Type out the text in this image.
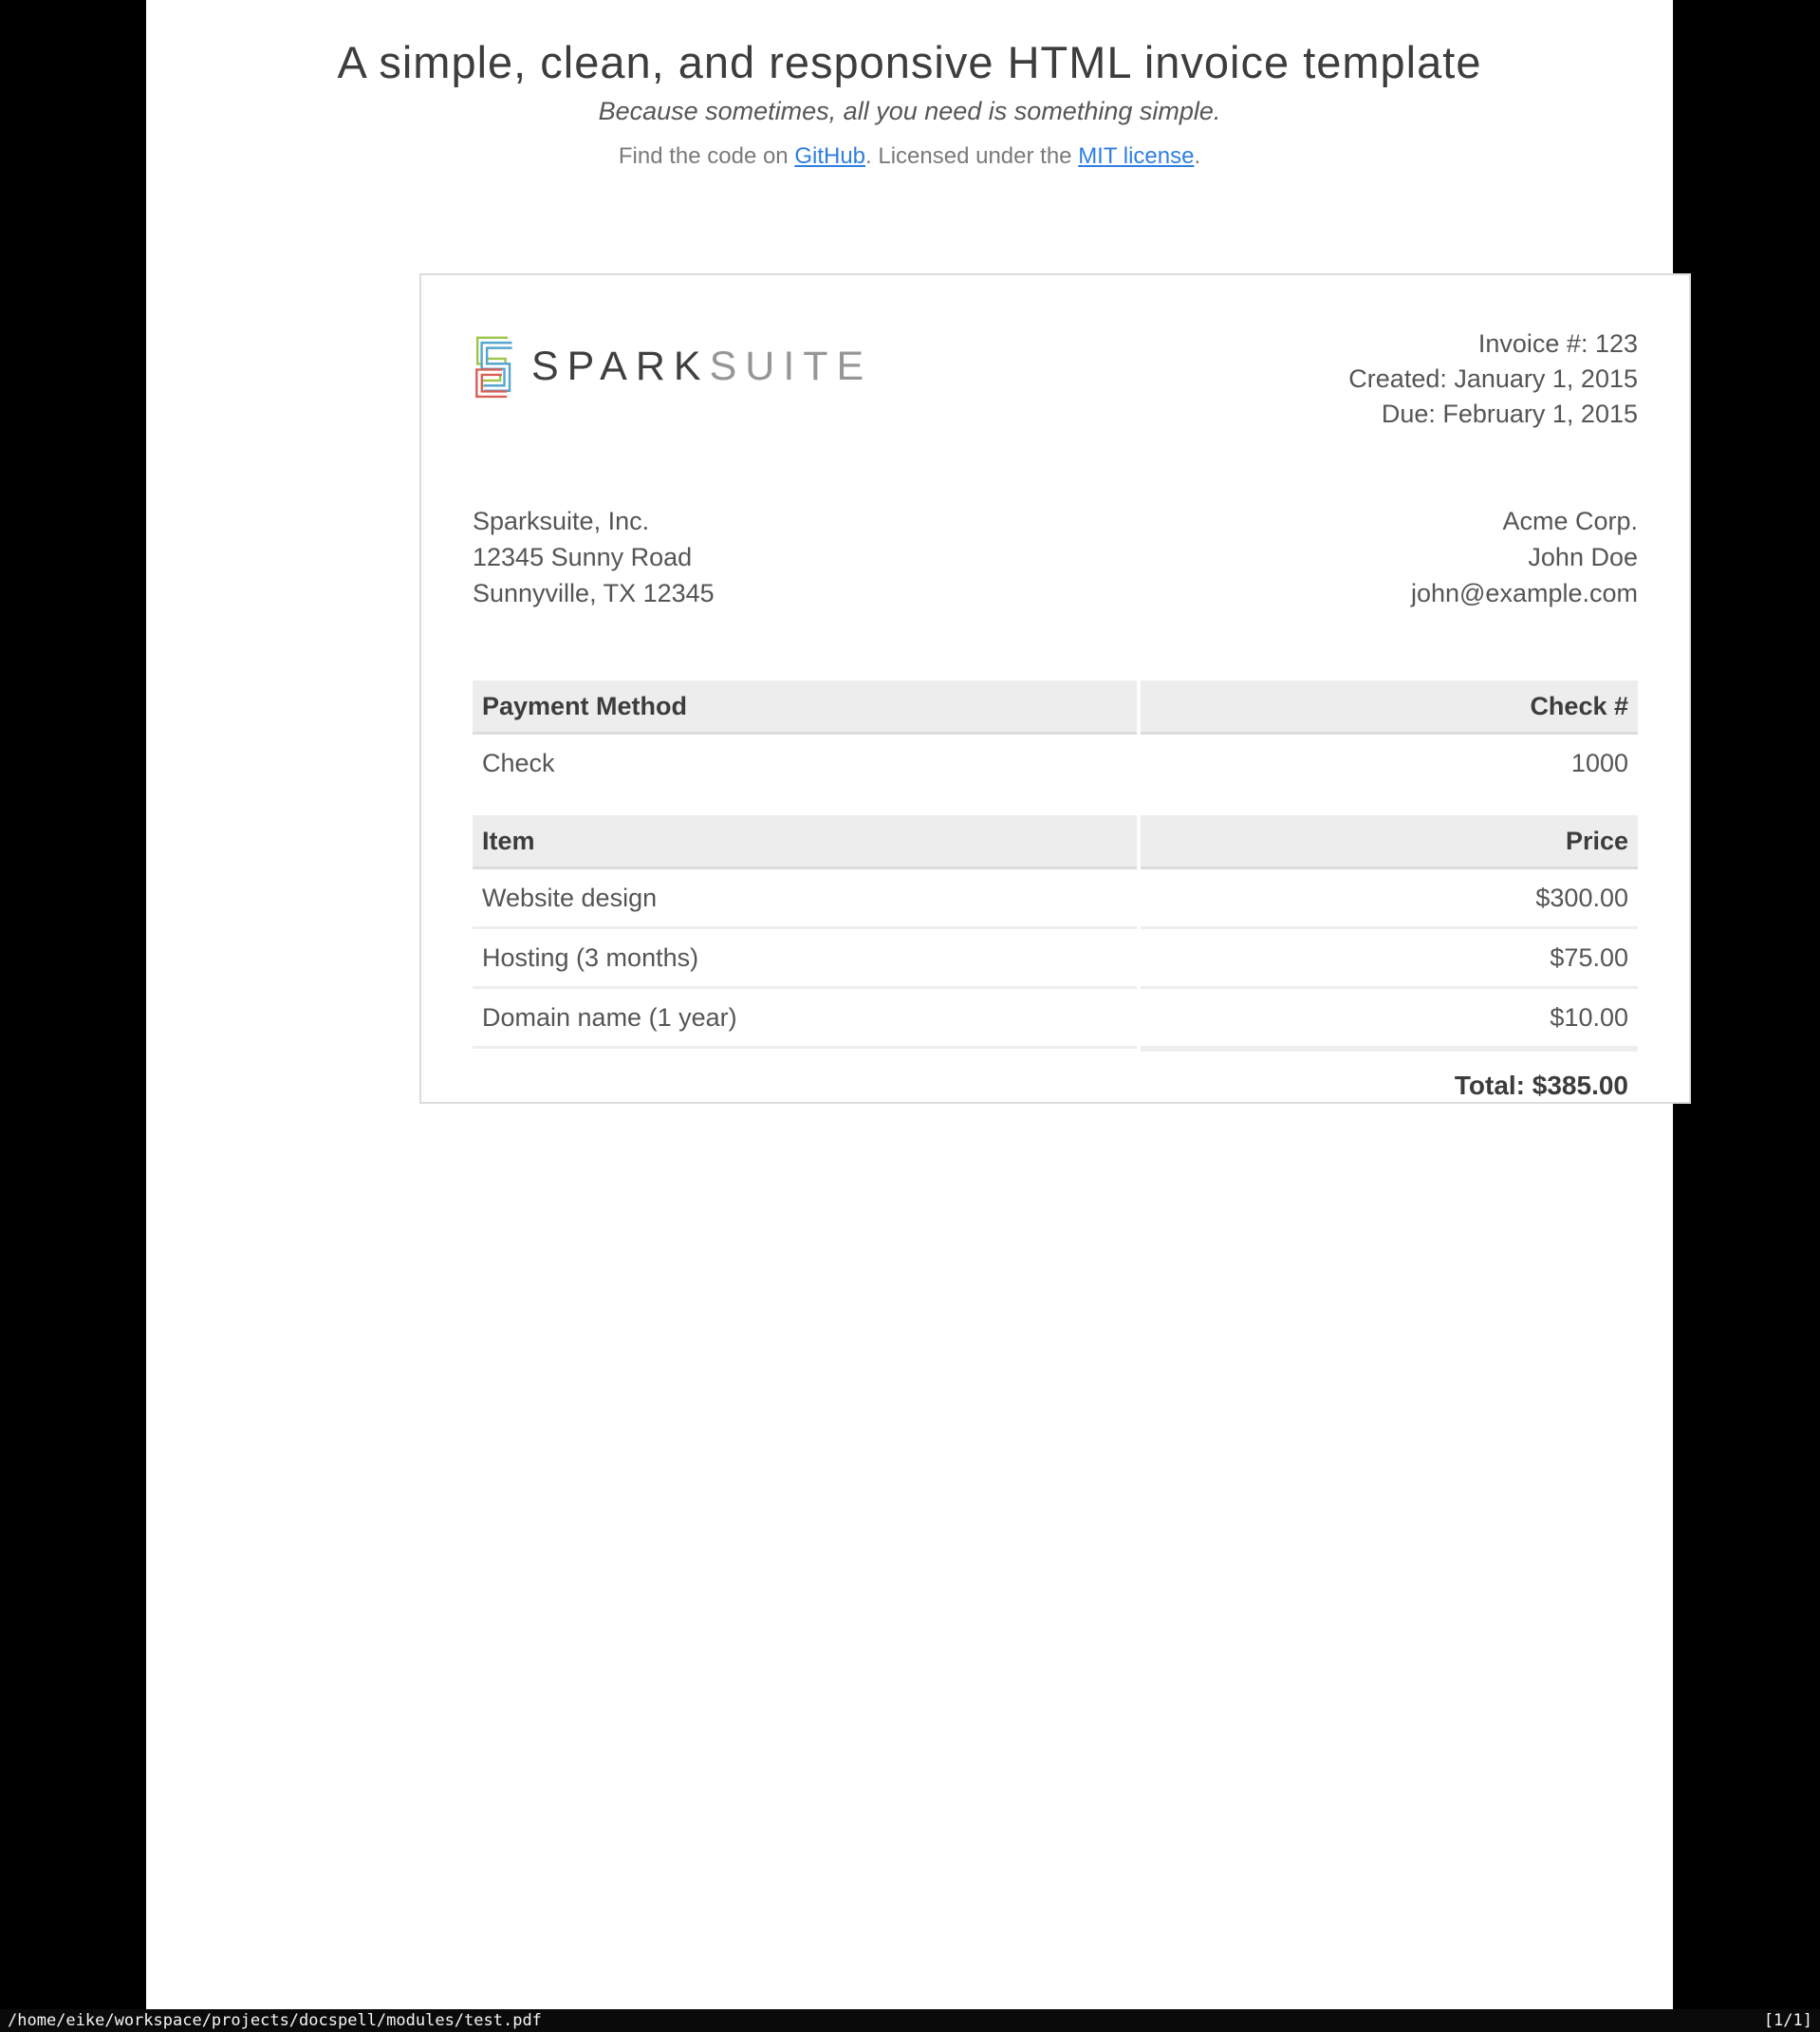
A simple, clean, and responsive HTML invoice template

Because sometimes, all you need is something simple.

Find the code on GitHub. Licensed under the MIT license.
SPARKSUITE	Invoice #: 123
Created: January 1, 2015
Due: February 1, 2015
Sparksuite, Inc.
12345 Sunny Road
Sunnyville, TX 12345
Acme Corp.
John Doe
john@example.com
Payment Method	Check #
Check	1000
Item	Price
Website design	$300.00
Hosting (3 months)	$75.00
Domain name (1 year)	$10.00
Total: $385.00
/home/eike/workspace/projects/docspell/modules/test.pdf	[1/1]
